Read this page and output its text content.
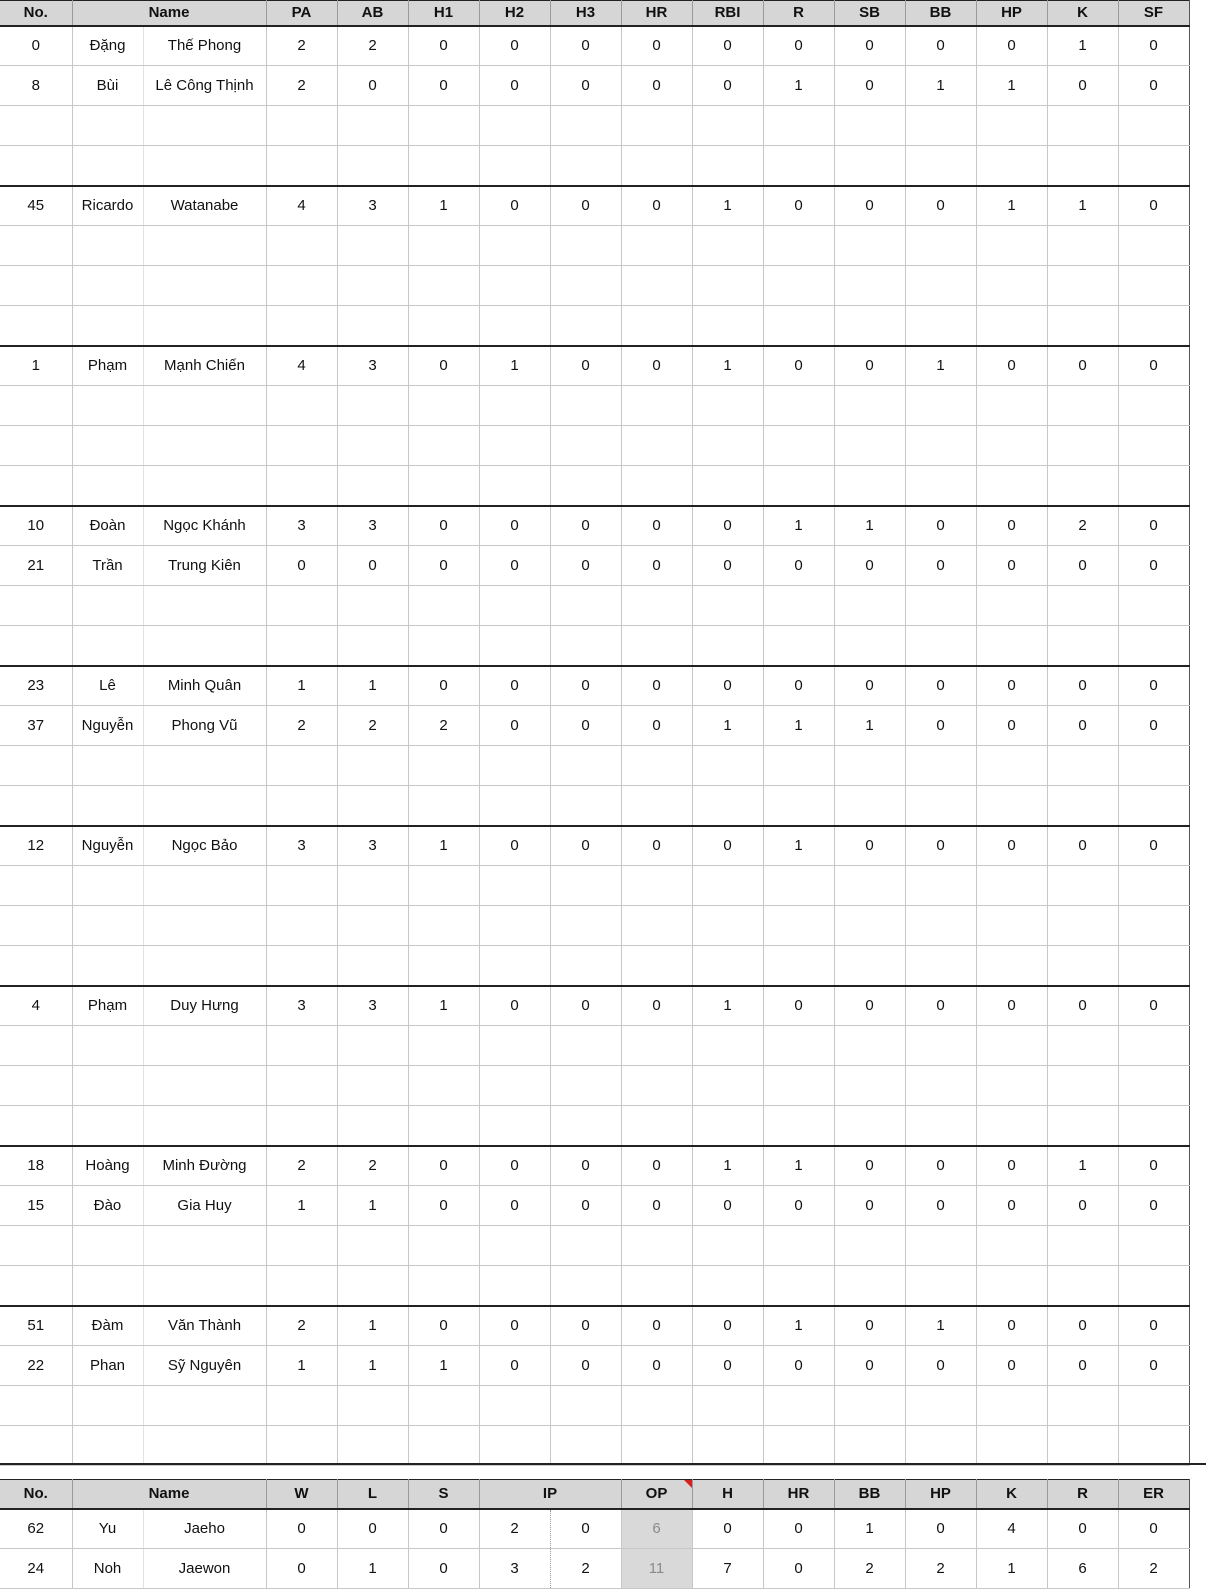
No.	Name		PA	AB	H1	H2	H3	HR	RBI	R	SB	BB	HP	K	SF
0	Đặng	Thế Phong	2	2	0	0	0	0	0	0	0	0	0	1	0
8	Bùi	Lê Công Thịnh	2	0	0	0	0	0	0	1	0	1	1	0	0

45	Ricardo	Watanabe	4	3	1	0	0	0	1	0	0	0	1	1	0

1	Phạm	Mạnh Chiến	4	3	0	1	0	0	1	0	0	1	0	0	0

10	Đoàn	Ngọc Khánh	3	3	0	0	0	0	0	1	1	0	0	2	0
21	Trần	Trung Kiên	0	0	0	0	0	0	0	0	0	0	0	0	0

23	Lê	Minh Quân	1	1	0	0	0	0	0	0	0	0	0	0	0
37	Nguyễn	Phong Vũ	2	2	2	0	0	0	1	1	1	0	0	0	0

12	Nguyễn	Ngọc Bảo	3	3	1	0	0	0	0	1	0	0	0	0	0

4	Phạm	Duy Hưng	3	3	1	0	0	0	1	0	0	0	0	0	0

18	Hoàng	Minh Đường	2	2	0	0	0	0	1	1	0	0	0	1	0
15	Đào	Gia Huy	1	1	0	0	0	0	0	0	0	0	0	0	0

51	Đàm	Văn Thành	2	1	0	0	0	0	0	1	0	1	0	0	0
22	Phan	Sỹ Nguyên	1	1	1	0	0	0	0	0	0	0	0	0	0

No.	Name		W	L	S	IP		OP	H	HR	BB	HP	K	R	ER
62	Yu	Jaeho	0	0	0	2	0	6	0	0	1	0	4	0	0
24	Noh	Jaewon	0	1	0	3	2	11	7	0	2	2	1	6	2
